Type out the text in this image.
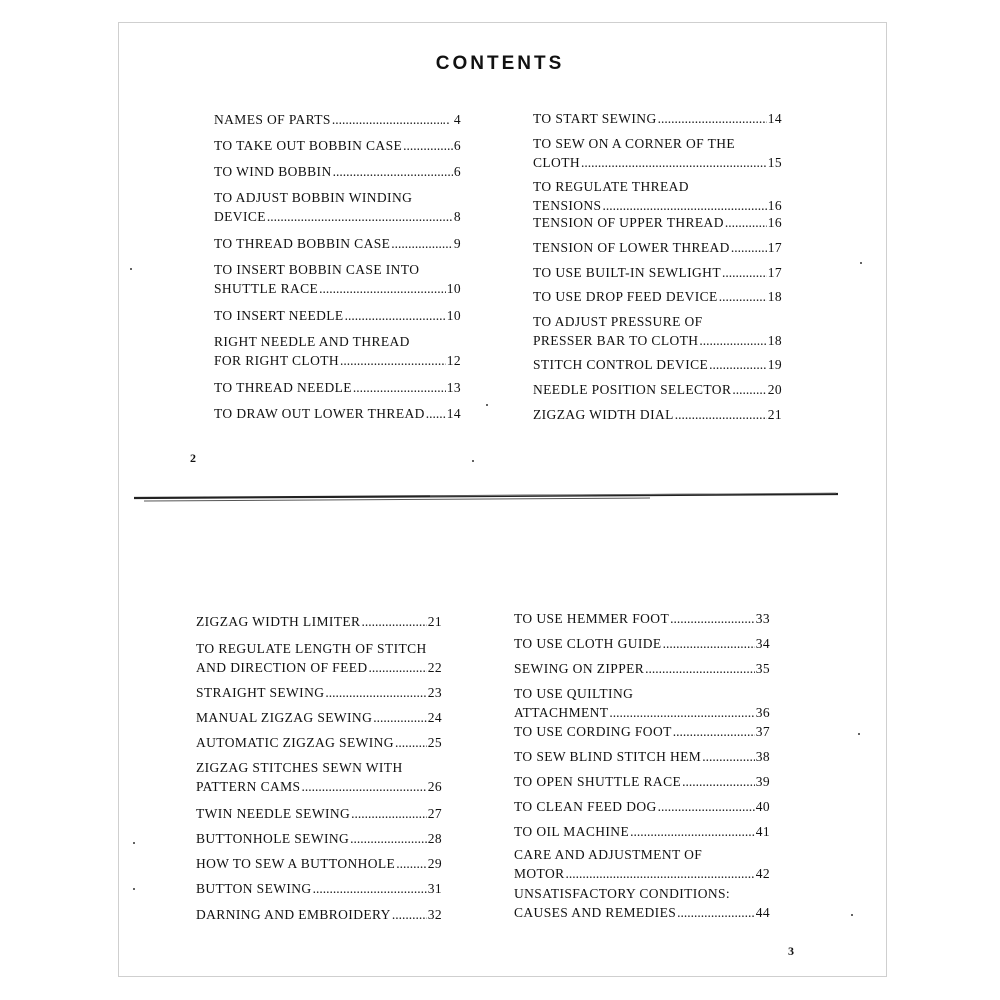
CONTENTS
NAMES OF PARTS .....	.. 4
TO TAKE OUT BOBBIN CASE .....	6
TO WIND BOBBIN .....	6
TO ADJUST BOBBIN WINDING
DEVICE .....	8
TO THREAD BOBBIN CASE .....	9
TO INSERT BOBBIN CASE INTO
SHUTTLE RACE .....	10
TO INSERT NEEDLE .....	10
RIGHT NEEDLE AND THREAD
FOR RIGHT CLOTH .....	12
TO THREAD NEEDLE .....	13
TO DRAW OUT LOWER THREAD ..... 14
TO START SEWING .....	14
TO SEW ON A CORNER OF THE
CLOTH .....	15
TO REGULATE THREAD
TENSIONS .....	16
TENSION OF UPPER THREAD .....	16
TENSION OF LOWER THREAD .....	17
TO USE BUILT-IN SEWLIGHT .....	17
TO USE DROP FEED DEVICE .....	18
TO ADJUST PRESSURE OF
PRESSER BAR TO CLOTH .....	18
STITCH CONTROL DEVICE .....	19
NEEDLE POSITION SELECTOR .....	20
ZIGZAG WIDTH DIAL .....	21
ZIGZAG WIDTH LIMITER .....	21
TO REGULATE LENGTH OF STITCH
AND DIRECTION OF FEED .....	22
STRAIGHT SEWING .....	23
MANUAL ZIGZAG SEWING .....	24
AUTOMATIC ZIGZAG SEWING .....	25
ZIGZAG STITCHES SEWN WITH
PATTERN CAMS .....	26
TWIN NEEDLE SEWING .....	27
BUTTONHOLE SEWING .....	28
HOW TO SEW A BUTTONHOLE ..... 29
BUTTON SEWING .....	31
DARNING AND EMBROIDERY .....	32
TO USE HEMMER FOOT .....	33
TO USE CLOTH GUIDE .....	34
SEWING ON ZIPPER .....	35
TO USE QUILTING
ATTACHMENT .....	36
TO USE CORDING FOOT .....	37
TO SEW BLIND STITCH HEM .....	38
TO OPEN SHUTTLE RACE .....	39
TO CLEAN FEED DOG .....	40
TO OIL MACHINE .....	41
CARE AND ADJUSTMENT OF
MOTOR .....	42
UNSATISFACTORY CONDITIONS:
CAUSES AND REMEDIES .....	44
2
3
